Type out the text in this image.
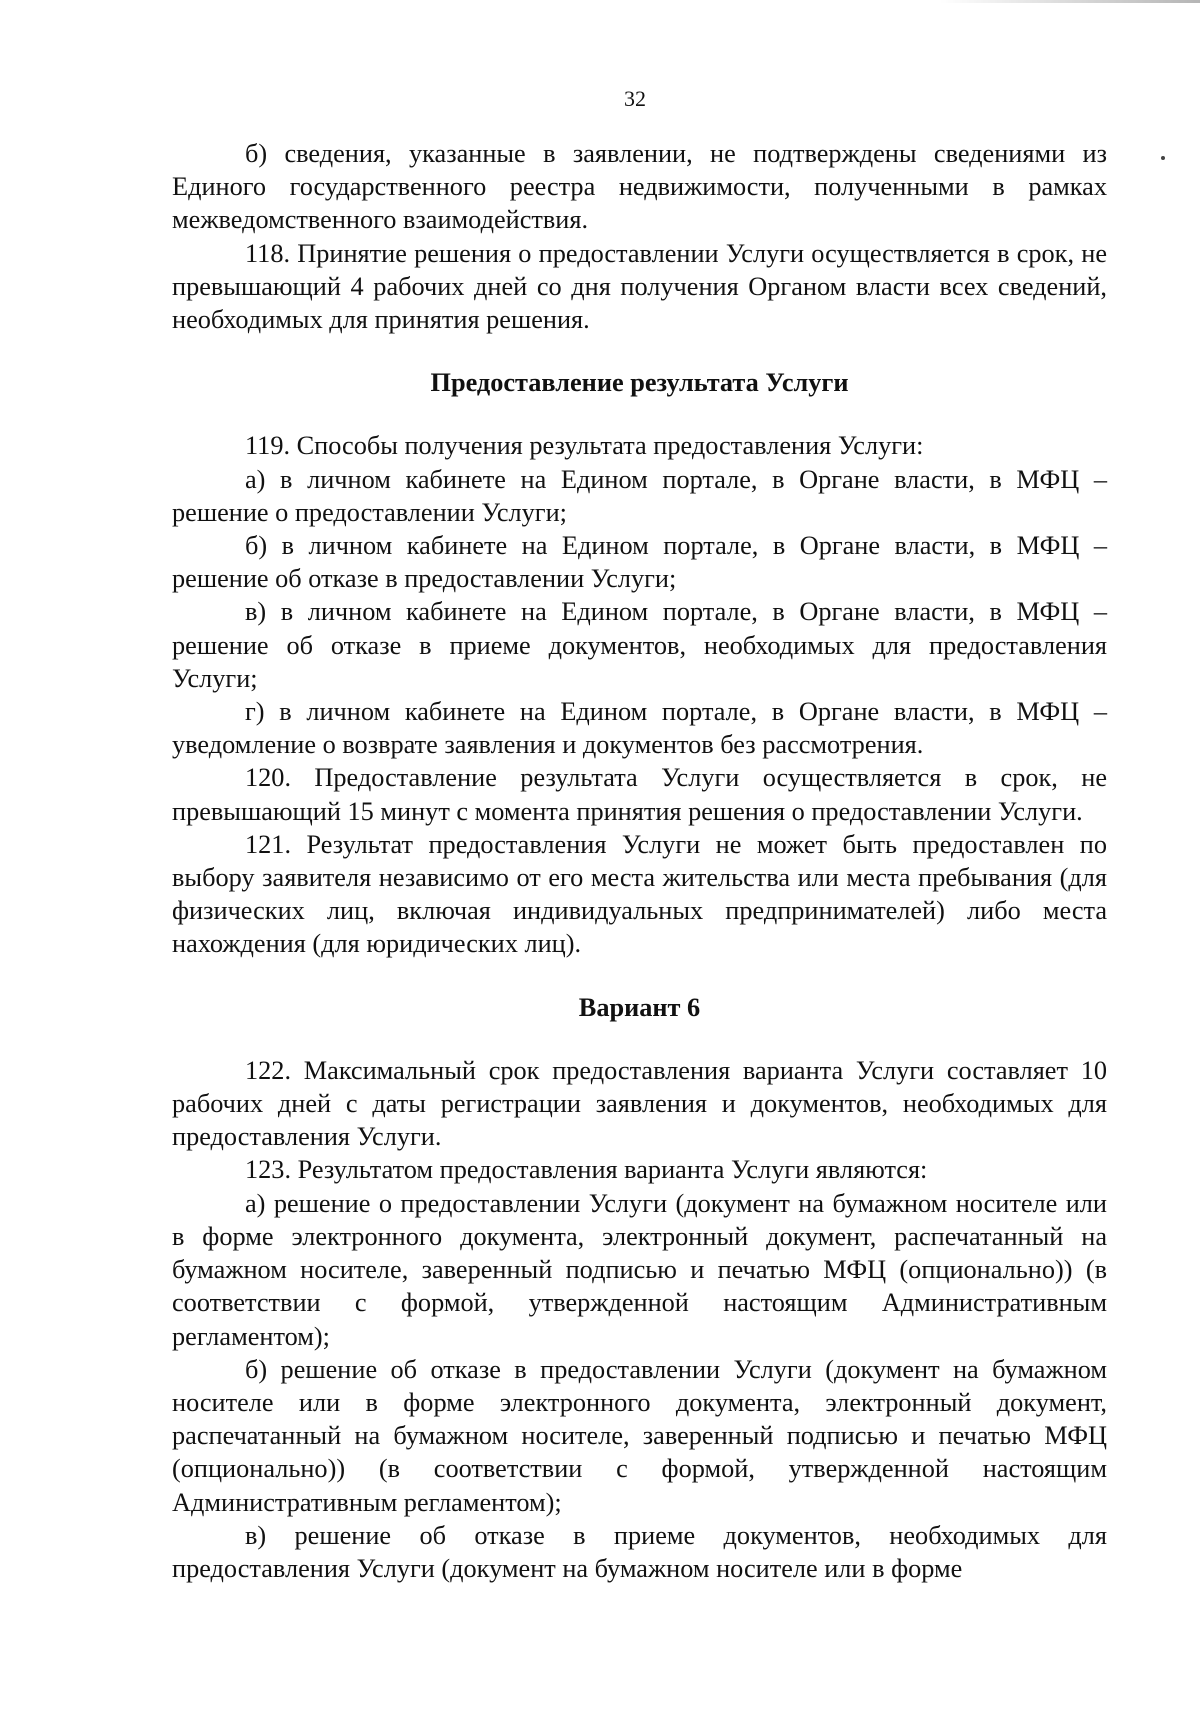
32

б) сведения, указанные в заявлении, не подтверждены сведениями из Единого государственного реестра недвижимости, полученными в рамках межведомственного взаимодействия.

118. Принятие решения о предоставлении Услуги осуществляется в срок, не превышающий 4 рабочих дней со дня получения Органом власти всех сведений, необходимых для принятия решения.

Предоставление результата Услуги

119. Способы получения результата предоставления Услуги:

а) в личном кабинете на Едином портале, в Органе власти, в МФЦ – решение о предоставлении Услуги;

б) в личном кабинете на Едином портале, в Органе власти, в МФЦ – решение об отказе в предоставлении Услуги;

в) в личном кабинете на Едином портале, в Органе власти, в МФЦ – решение об отказе в приеме документов, необходимых для предоставления Услуги;

г) в личном кабинете на Едином портале, в Органе власти, в МФЦ – уведомление о возврате заявления и документов без рассмотрения.

120. Предоставление результата Услуги осуществляется в срок, не превышающий 15 минут с момента принятия решения о предоставлении Услуги.

121. Результат предоставления Услуги не может быть предоставлен по выбору заявителя независимо от его места жительства или места пребывания (для физических лиц, включая индивидуальных предпринимателей) либо места нахождения (для юридических лиц).

Вариант 6

122. Максимальный срок предоставления варианта Услуги составляет 10 рабочих дней с даты регистрации заявления и документов, необходимых для предоставления Услуги.

123. Результатом предоставления варианта Услуги являются:

а) решение о предоставлении Услуги (документ на бумажном носителе или в форме электронного документа, электронный документ, распечатанный на бумажном носителе, заверенный подписью и печатью МФЦ (опционально)) (в соответствии с формой, утвержденной настоящим Административным регламентом);

б) решение об отказе в предоставлении Услуги (документ на бумажном носителе или в форме электронного документа, электронный документ, распечатанный на бумажном носителе, заверенный подписью и печатью МФЦ (опционально)) (в соответствии с формой, утвержденной настоящим Административным регламентом);

в) решение об отказе в приеме документов, необходимых для предоставления Услуги (документ на бумажном носителе или в форме
